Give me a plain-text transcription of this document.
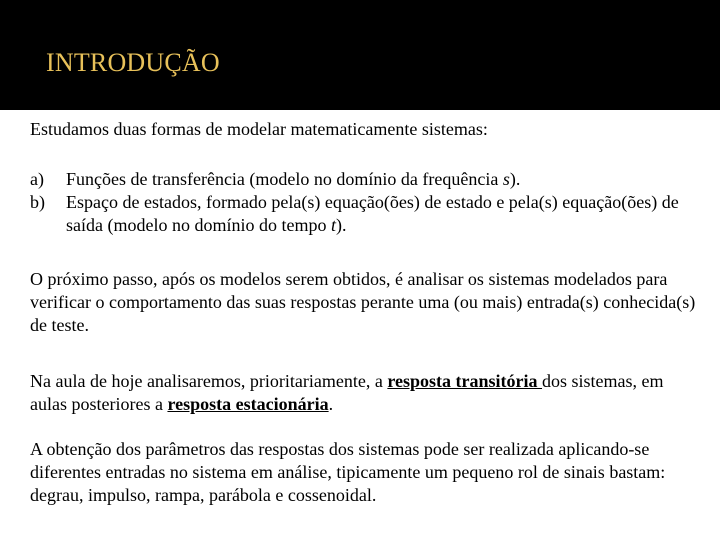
INTRODUÇÃO

Estudamos duas formas de modelar matematicamente sistemas:

a) Funções de transferência (modelo no domínio da frequência s).

b) Espaço de estados, formado pela(s) equação(ões) de estado e pela(s) equação(ões) de saída (modelo no domínio do tempo t).

O próximo passo, após os modelos serem obtidos, é analisar os sistemas modelados para verificar o comportamento das suas respostas perante uma (ou mais) entrada(s) conhecida(s) de teste.

Na aula de hoje analisaremos, prioritariamente, a resposta transitória dos sistemas, em aulas posteriores a resposta estacionária.

A obtenção dos parâmetros das respostas dos sistemas pode ser realizada aplicando-se diferentes entradas no sistema em análise, tipicamente um pequeno rol de sinais bastam: degrau, impulso, rampa, parábola e cossenoidal.
